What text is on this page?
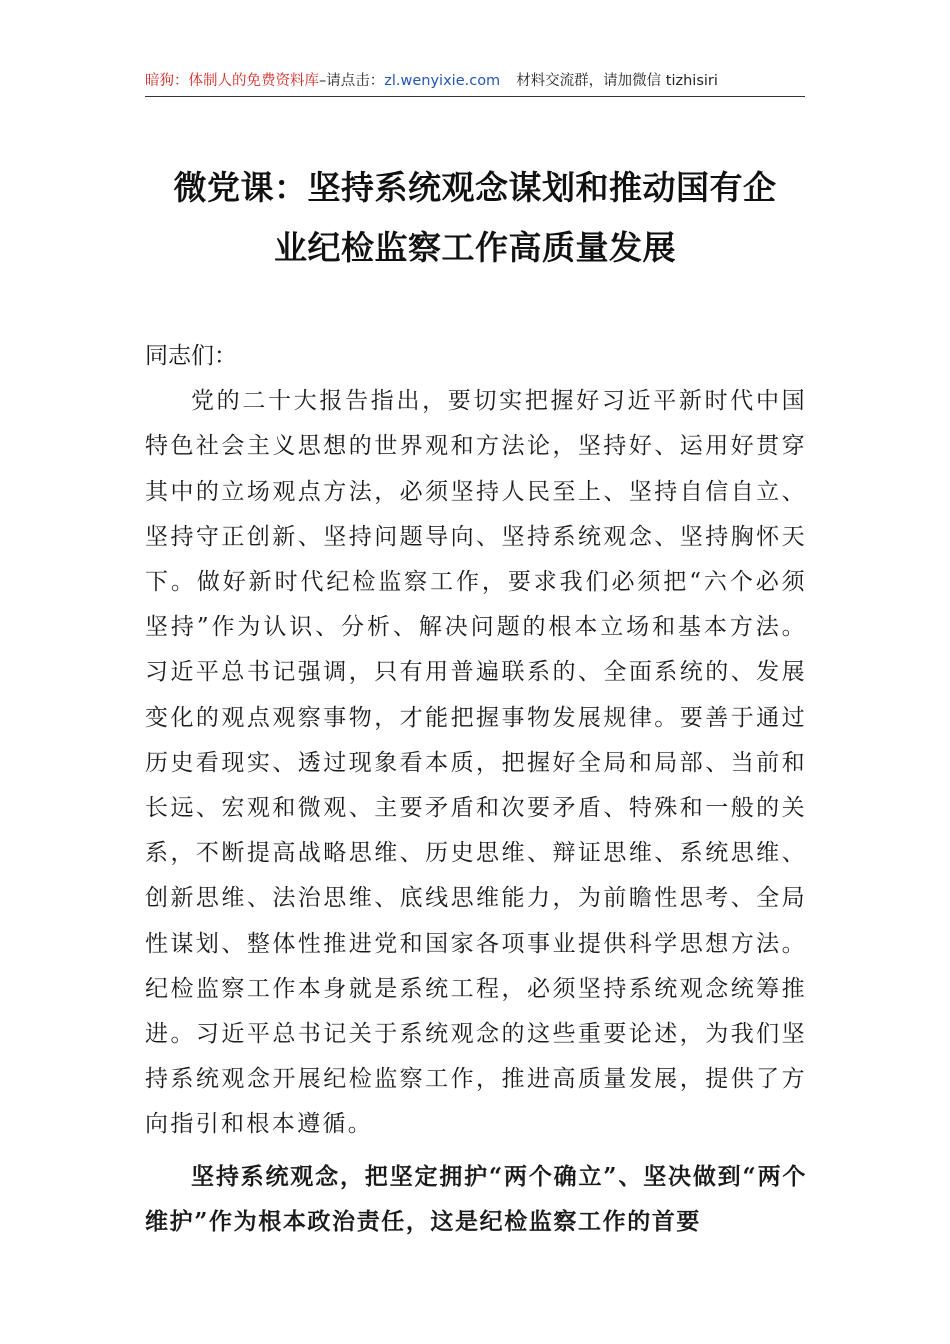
暗狗：体制人的免费资料库–请点击：zl.wenyixie.com 材料交流群，请加微信 tizhisiri
微党课：坚持系统观念谋划和推动国有企
业纪检监察工作高质量发展

同志们：

党的二十大报告指出，要切实把握好习近平新时代中国特色社会主义思想的世界观和方法论，坚持好、运用好贯穿其中的立场观点方法，必须坚持人民至上、坚持自信自立、坚持守正创新、坚持问题导向、坚持系统观念、坚持胸怀天下。做好新时代纪检监察工作，要求我们必须把“六个必须坚持”作为认识、分析、解决问题的根本立场和基本方法。习近平总书记强调，只有用普遍联系的、全面系统的、发展变化的观点观察事物，才能把握事物发展规律。要善于通过历史看现实、透过现象看本质，把握好全局和局部、当前和长远、宏观和微观、主要矛盾和次要矛盾、特殊和一般的关系，不断提高战略思维、历史思维、辩证思维、系统思维、创新思维、法治思维、底线思维能力，为前瞻性思考、全局性谋划、整体性推进党和国家各项事业提供科学思想方法。纪检监察工作本身就是系统工程，必须坚持系统观念统筹推进。习近平总书记关于系统观念的这些重要论述，为我们坚持系统观念开展纪检监察工作，推进高质量发展，提供了方向指引和根本遵循。

坚持系统观念，把坚定拥护“两个确立”、坚决做到“两个维护”作为根本政治责任，这是纪检监察工作的首要
